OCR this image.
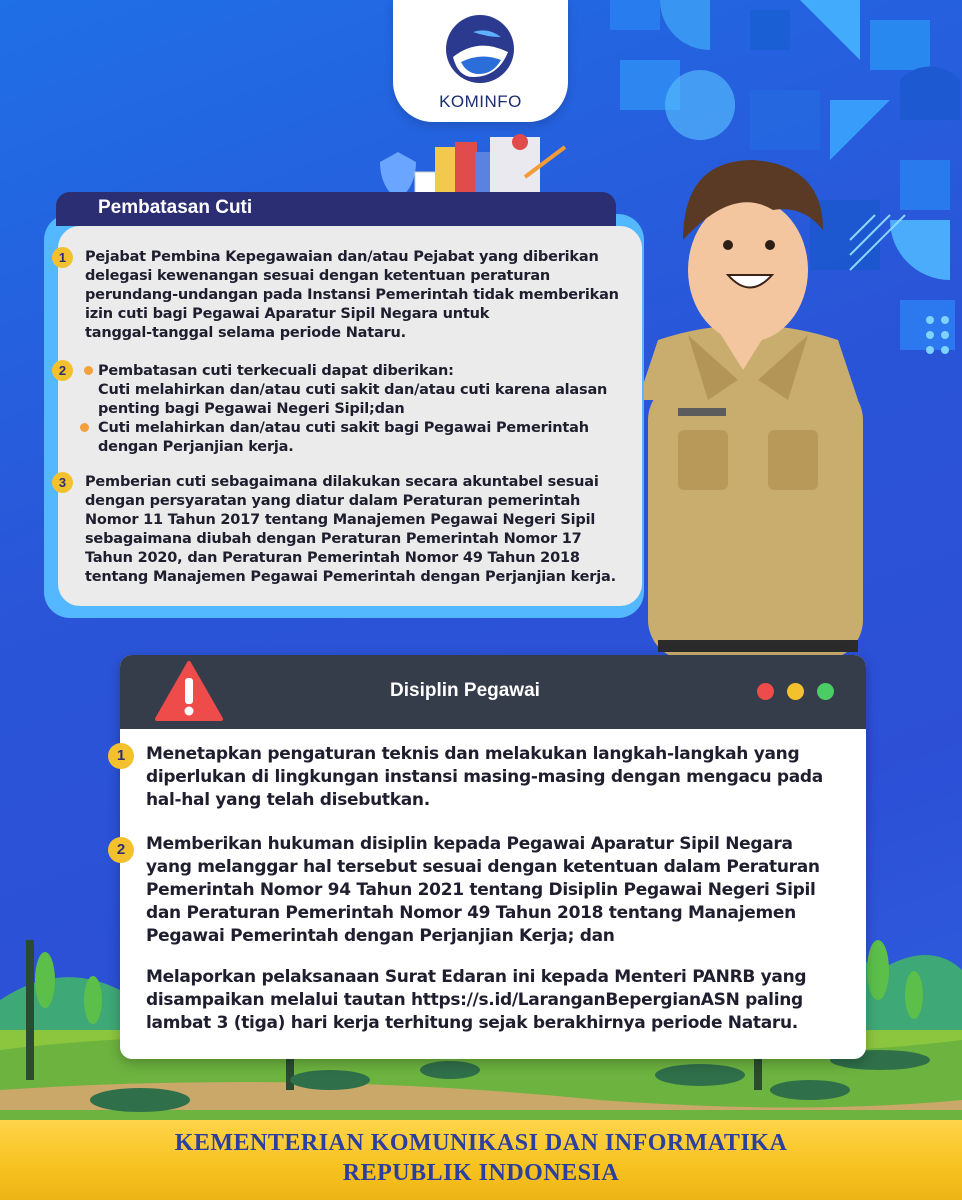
KOMINFO
Pembatasan Cuti
1	Pejabat Pembina Kepegawaian dan/atau Pejabat yang diberikan
delegasi kewenangan sesuai dengan ketentuan peraturan
perundang-undangan pada Instansi Pemerintah tidak memberikan
izin cuti bagi Pegawai Aparatur Sipil Negara untuk
tanggal-tanggal selama periode Nataru.
2	Pembatasan cuti terkecuali dapat diberikan:
Cuti melahirkan dan/atau cuti sakit dan/atau cuti karena alasan
penting bagi Pegawai Negeri Sipil;dan
Cuti melahirkan dan/atau cuti sakit bagi Pegawai Pemerintah
dengan Perjanjian kerja.
3	Pemberian cuti sebagaimana dilakukan secara akuntabel sesuai
dengan persyaratan yang diatur dalam Peraturan pemerintah
Nomor 11 Tahun 2017 tentang Manajemen Pegawai Negeri Sipil
sebagaimana diubah dengan Peraturan Pemerintah Nomor 17
Tahun 2020, dan Peraturan Pemerintah Nomor 49 Tahun 2018
tentang Manajemen Pegawai Pemerintah dengan Perjanjian kerja.
Disiplin Pegawai
1	Menetapkan pengaturan teknis dan melakukan langkah-langkah yang
diperlukan di lingkungan instansi masing-masing dengan mengacu pada
hal-hal yang telah disebutkan.
2	Memberikan hukuman disiplin kepada Pegawai Aparatur Sipil Negara
yang melanggar hal tersebut sesuai dengan ketentuan dalam Peraturan
Pemerintah Nomor 94 Tahun 2021 tentang Disiplin Pegawai Negeri Sipil
dan Peraturan Pemerintah Nomor 49 Tahun 2018 tentang Manajemen
Pegawai Pemerintah dengan Perjanjian Kerja; dan
Melaporkan pelaksanaan Surat Edaran ini kepada Menteri PANRB yang
disampaikan melalui tautan https://s.id/LaranganBepergianASN paling
lambat 3 (tiga) hari kerja terhitung sejak berakhirnya periode Nataru.
KEMENTERIAN KOMUNIKASI DAN INFORMATIKA
REPUBLIK INDONESIA
